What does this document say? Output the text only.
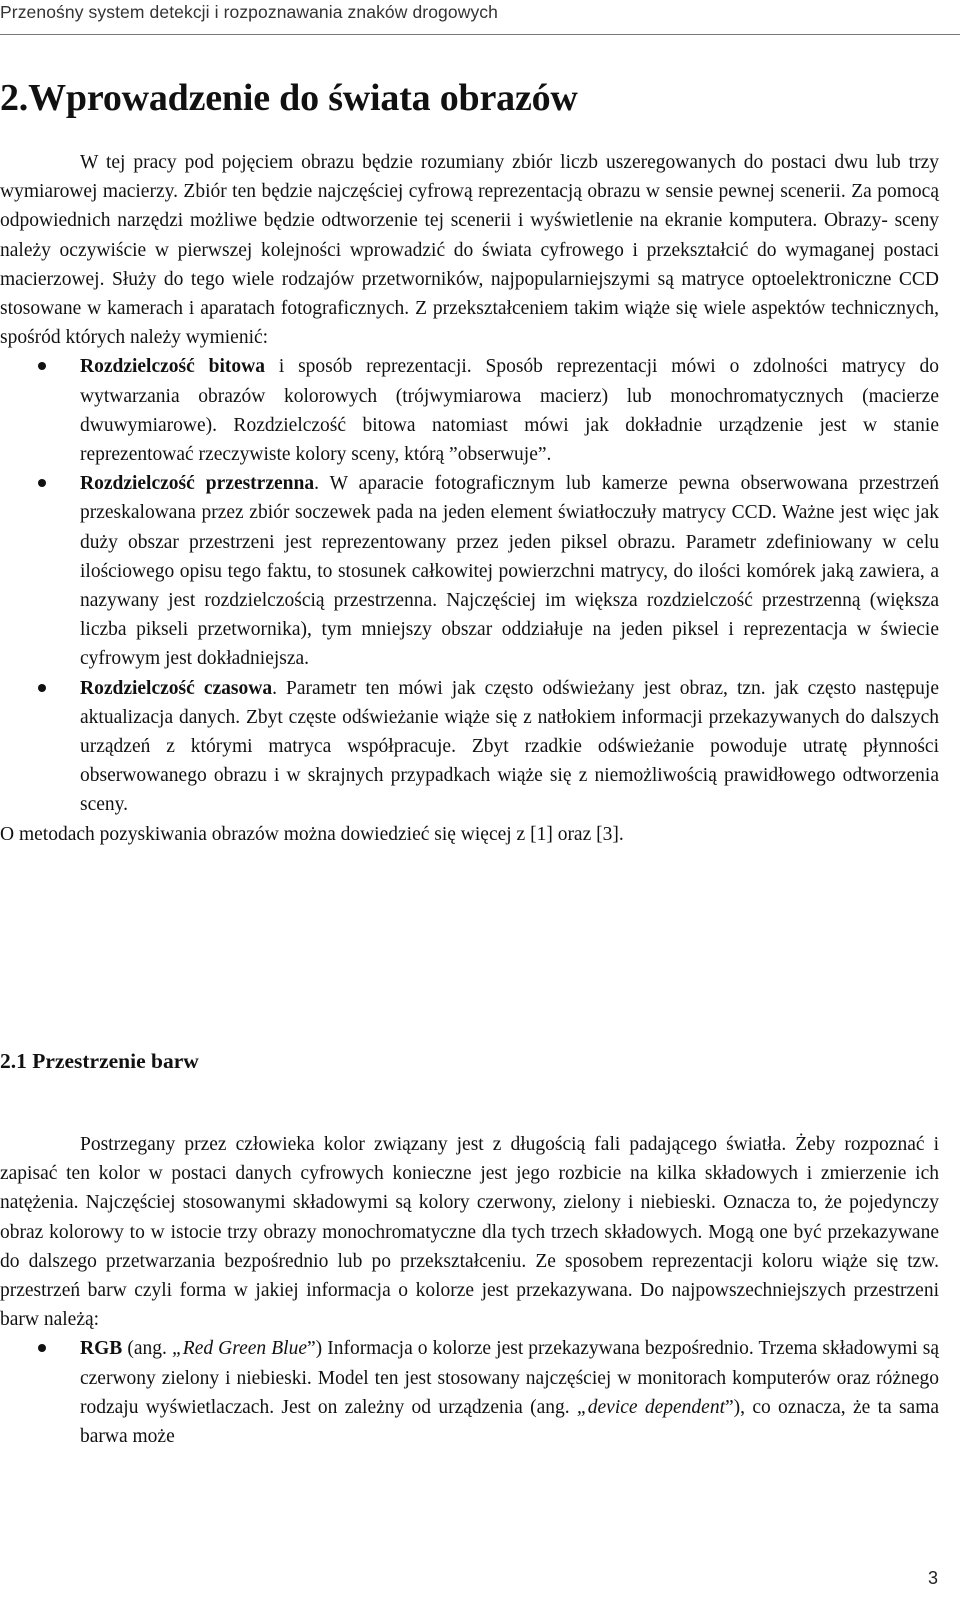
Przenośny system detekcji i rozpoznawania znaków drogowych
2.Wprowadzenie do świata obrazów

W tej pracy pod pojęciem obrazu będzie rozumiany zbiór liczb uszeregowanych do postaci dwu lub trzy wymiarowej macierzy. Zbiór ten będzie najczęściej cyfrową reprezentacją obrazu w sensie pewnej scenerii. Za pomocą odpowiednich narzędzi możliwe będzie odtworzenie tej scenerii i wyświetlenie na ekranie komputera. Obrazy- sceny należy oczywiście w pierwszej kolejności wprowadzić do świata cyfrowego i przekształcić do wymaganej postaci macierzowej. Służy do tego wiele rodzajów przetworników, najpopularniejszymi są matryce optoelektroniczne CCD stosowane w kamerach i aparatach fotograficznych. Z przekształceniem takim wiąże się wiele aspektów technicznych, spośród których należy wymienić:

Rozdzielczość bitowa i sposób reprezentacji. Sposób reprezentacji mówi o zdolności matrycy do wytwarzania obrazów kolorowych (trójwymiarowa macierz) lub monochromatycznych (macierze dwuwymiarowe). Rozdzielczość bitowa natomiast mówi jak dokładnie urządzenie jest w stanie reprezentować rzeczywiste kolory sceny, którą ”obserwuje”.
Rozdzielczość przestrzenna. W aparacie fotograficznym lub kamerze pewna obserwowana przestrzeń przeskalowana przez zbiór soczewek pada na jeden element światłoczuły matrycy CCD. Ważne jest więc jak duży obszar przestrzeni jest reprezentowany przez jeden piksel obrazu. Parametr zdefiniowany w celu ilościowego opisu tego faktu, to stosunek całkowitej powierzchni matrycy, do ilości komórek jaką zawiera, a nazywany jest rozdzielczością przestrzenna. Najczęściej im większa rozdzielczość przestrzenną (większa liczba pikseli przetwornika), tym mniejszy obszar oddziałuje na jeden piksel i reprezentacja w świecie cyfrowym jest dokładniejsza.
Rozdzielczość czasowa. Parametr ten mówi jak często odświeżany jest obraz, tzn. jak często następuje aktualizacja danych. Zbyt częste odświeżanie wiąże się z natłokiem informacji przekazywanych do dalszych urządzeń z którymi matryca współpracuje. Zbyt rzadkie odświeżanie powoduje utratę płynności obserwowanego obrazu i w skrajnych przypadkach wiąże się z niemożliwością prawidłowego odtworzenia sceny.

O metodach pozyskiwania obrazów można dowiedzieć się więcej z [1] oraz [3].

2.1 Przestrzenie barw

Postrzegany przez człowieka kolor związany jest z długością fali padającego światła. Żeby rozpoznać i zapisać ten kolor w postaci danych cyfrowych konieczne jest jego rozbicie na kilka składowych i zmierzenie ich natężenia. Najczęściej stosowanymi składowymi są kolory czerwony, zielony i niebieski. Oznacza to, że pojedynczy obraz kolorowy to w istocie trzy obrazy monochromatyczne dla tych trzech składowych. Mogą one być przekazywane do dalszego przetwarzania bezpośrednio lub po przekształceniu. Ze sposobem reprezentacji koloru wiąże się tzw. przestrzeń barw czyli forma w jakiej informacja o kolorze jest przekazywana. Do najpowszechniejszych przestrzeni barw należą:

RGB (ang. „Red Green Blue”) Informacja o kolorze jest przekazywana bezpośrednio. Trzema składowymi są czerwony zielony i niebieski. Model ten jest stosowany najczęściej w monitorach komputerów oraz różnego rodzaju wyświetlaczach. Jest on zależny od urządzenia (ang. „device dependent”), co oznacza, że ta sama barwa może
3
